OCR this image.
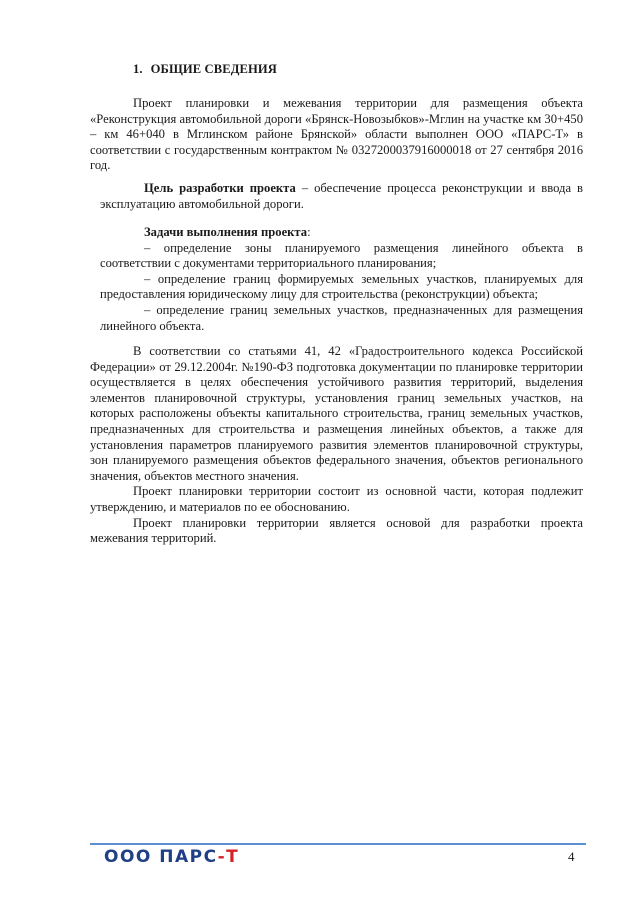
1. ОБЩИЕ СВЕДЕНИЯ
Проект планировки и межевания территории для размещения объекта «Реконструкция автомобильной дороги «Брянск-Новозыбков»-Мглин на участке км 30+450 – км 46+040 в Мглинском районе Брянской» области выполнен ООО «ПАРС-Т» в соответствии с государственным контрактом № 0327200037916000018 от 27 сентября 2016 год.
Цель разработки проекта – обеспечение процесса реконструкции и ввода в эксплуатацию автомобильной дороги.
Задачи выполнения проекта:
– определение зоны планируемого размещения линейного объекта в соответствии с документами территориального планирования;
– определение границ формируемых земельных участков, планируемых для предоставления юридическому лицу для строительства (реконструкции) объекта;
– определение границ земельных участков, предназначенных для размещения линейного объекта.
В соответствии со статьями 41, 42 «Градостроительного кодекса Российской Федерации» от 29.12.2004г. №190-ФЗ подготовка документации по планировке территории осуществляется в целях обеспечения устойчивого развития территорий, выделения элементов планировочной структуры, установления границ земельных участков, на которых расположены объекты капитального строительства, границ земельных участков, предназначенных для строительства и размещения линейных объектов, а также для установления параметров планируемого развития элементов планировочной структуры, зон планируемого размещения объектов федерального значения, объектов регионального значения, объектов местного значения.
Проект планировки территории состоит из основной части, которая подлежит утверждению, и материалов по ее обоснованию.
Проект планировки территории является основой для разработки проекта межевания территорий.
ООО ПАРС-Т	4
